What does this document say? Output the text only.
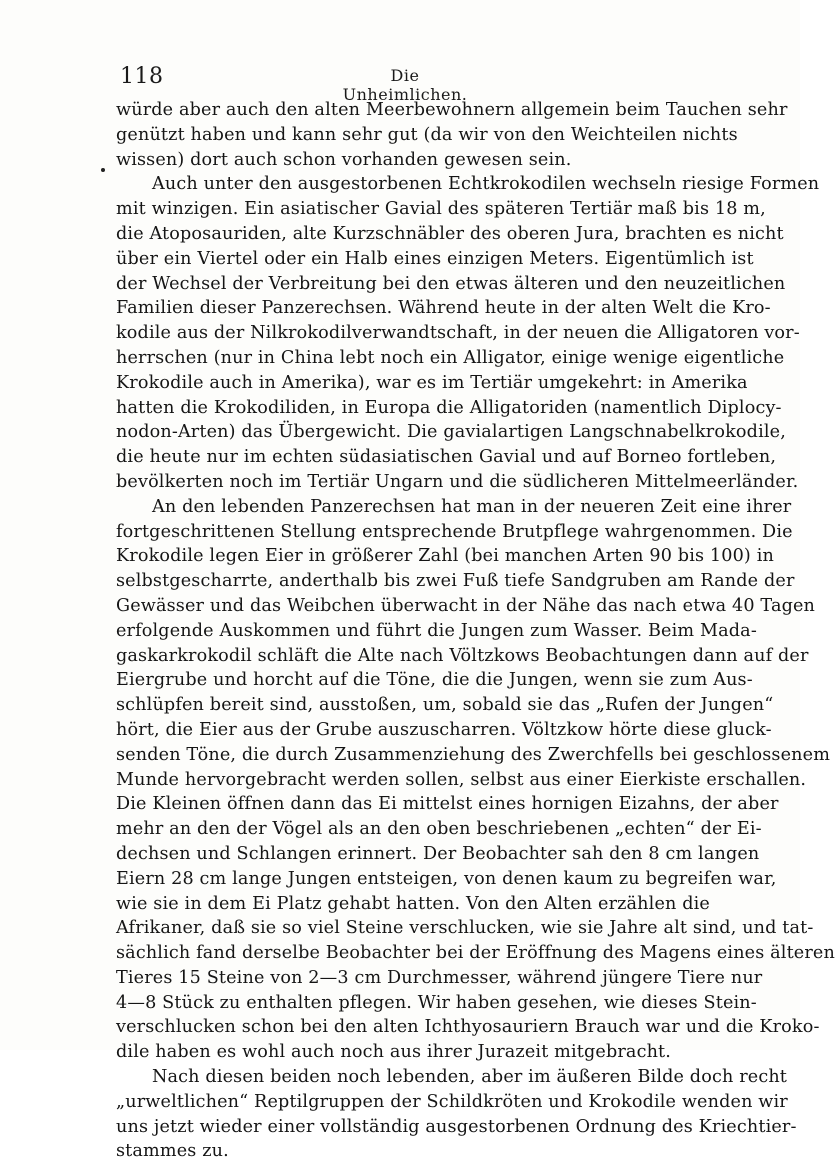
118	Die Unheimlichen.
würde aber auch den alten Meerbewohnern allgemein beim Tauchen sehr
genützt haben und kann sehr gut (da wir von den Weichteilen nichts
wissen) dort auch schon vorhanden gewesen sein.
Auch unter den ausgestorbenen Echtkrokodilen wechseln riesige Formen
mit winzigen. Ein asiatischer Gavial des späteren Tertiär maß bis 18 m,
die Atoposauriden, alte Kurzschnäbler des oberen Jura, brachten es nicht
über ein Viertel oder ein Halb eines einzigen Meters. Eigentümlich ist
der Wechsel der Verbreitung bei den etwas älteren und den neuzeitlichen
Familien dieser Panzerechsen. Während heute in der alten Welt die Kro-
kodile aus der Nilkrokodilverwandtschaft, in der neuen die Alligatoren vor-
herrschen (nur in China lebt noch ein Alligator, einige wenige eigentliche
Krokodile auch in Amerika), war es im Tertiär umgekehrt: in Amerika
hatten die Krokodiliden, in Europa die Alligatoriden (namentlich Diplocy-
nodon-Arten) das Übergewicht. Die gavialartigen Langschnabelkrokodile,
die heute nur im echten südasiatischen Gavial und auf Borneo fortleben,
bevölkerten noch im Tertiär Ungarn und die südlicheren Mittelmeerländer.
An den lebenden Panzerechsen hat man in der neueren Zeit eine ihrer
fortgeschrittenen Stellung entsprechende Brutpflege wahrgenommen. Die
Krokodile legen Eier in größerer Zahl (bei manchen Arten 90 bis 100) in
selbstgescharrte, anderthalb bis zwei Fuß tiefe Sandgruben am Rande der
Gewässer und das Weibchen überwacht in der Nähe das nach etwa 40 Tagen
erfolgende Auskommen und führt die Jungen zum Wasser. Beim Mada-
gaskarkrokodil schläft die Alte nach Völtzkows Beobachtungen dann auf der
Eiergrube und horcht auf die Töne, die die Jungen, wenn sie zum Aus-
schlüpfen bereit sind, ausstoßen, um, sobald sie das „Rufen der Jungen“
hört, die Eier aus der Grube auszuscharren. Völtzkow hörte diese gluck-
senden Töne, die durch Zusammenziehung des Zwerchfells bei geschlossenem
Munde hervorgebracht werden sollen, selbst aus einer Eierkiste erschallen.
Die Kleinen öffnen dann das Ei mittelst eines hornigen Eizahns, der aber
mehr an den der Vögel als an den oben beschriebenen „echten“ der Ei-
dechsen und Schlangen erinnert. Der Beobachter sah den 8 cm langen
Eiern 28 cm lange Jungen entsteigen, von denen kaum zu begreifen war,
wie sie in dem Ei Platz gehabt hatten. Von den Alten erzählen die
Afrikaner, daß sie so viel Steine verschlucken, wie sie Jahre alt sind, und tat-
sächlich fand derselbe Beobachter bei der Eröffnung des Magens eines älteren
Tieres 15 Steine von 2—3 cm Durchmesser, während jüngere Tiere nur
4—8 Stück zu enthalten pflegen. Wir haben gesehen, wie dieses Stein-
verschlucken schon bei den alten Ichthyosauriern Brauch war und die Kroko-
dile haben es wohl auch noch aus ihrer Jurazeit mitgebracht.
Nach diesen beiden noch lebenden, aber im äußeren Bilde doch recht
„urweltlichen“ Reptilgruppen der Schildkröten und Krokodile wenden wir
uns jetzt wieder einer vollständig ausgestorbenen Ordnung des Kriechtier-
stammes zu.
